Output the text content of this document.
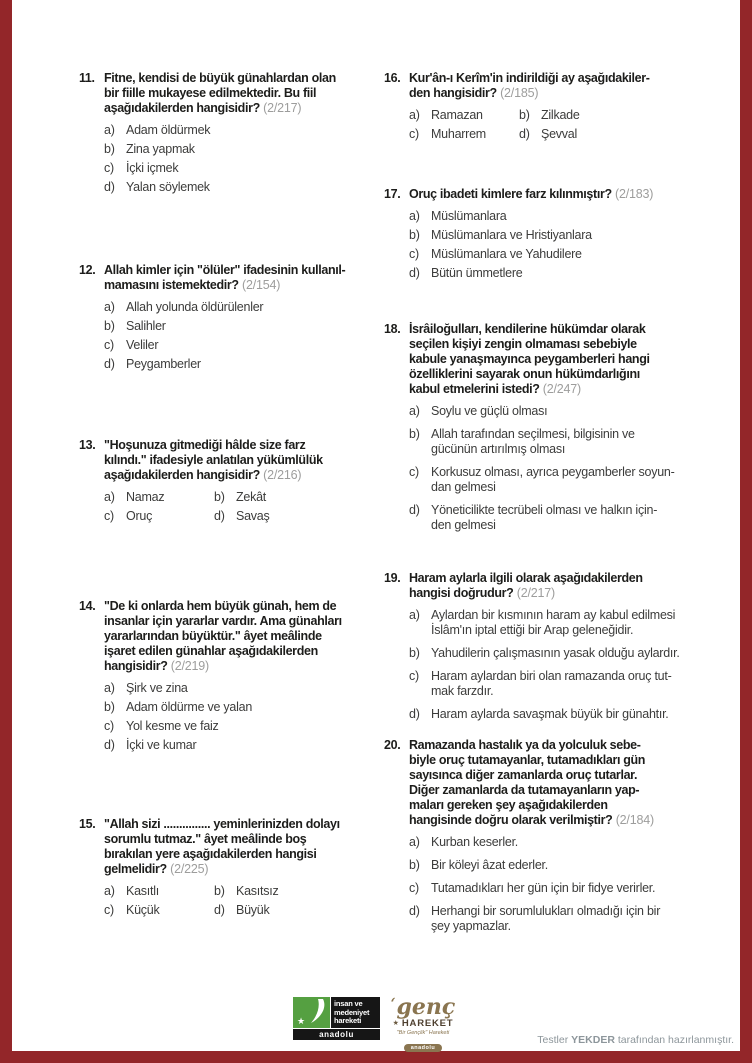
11. Fitne, kendisi de büyük günahlardan olan
bir fiille mukayese edilmektedir. Bu fiil
aşağıdakilerden hangisidir? (2/217)
a) Adam öldürmek
b) Zina yapmak
c) İçki içmek
d) Yalan söylemek
12. Allah kimler için "ölüler" ifadesinin kullanıl-
mamasını istemektedir? (2/154)
a) Allah yolunda öldürülenler
b) Salihler
c) Veliler
d) Peygamberler
13. "Hoşunuza gitmediği hâlde size farz
kılındı." ifadesiyle anlatılan yükümlülük
aşağıdakilerden hangisidir? (2/216)
a) Namaz	b) Zekât
c) Oruç	d) Savaş
14. "De ki onlarda hem büyük günah, hem de
insanlar için yararlar vardır. Ama günahları
yararlarından büyüktür." âyet meâlinde
işaret edilen günahlar aşağıdakilerden
hangisidir? (2/219)
a) Şirk ve zina
b) Adam öldürme ve yalan
c) Yol kesme ve faiz
d) İçki ve kumar
15. "Allah sizi ............... yeminlerinizden dolayı
sorumlu tutmaz." âyet meâlinde boş
bırakılan yere aşağıdakilerden hangisi
gelmelidir? (2/225)
a) Kasıtlı	b) Kasıtsız
c) Küçük	d) Büyük
16. Kur'ân-ı Kerîm'in indirildiği ay aşağıdakiler-
den hangisidir? (2/185)
a) Ramazan	b) Zilkade
c) Muharrem	d) Şevval
17. Oruç ibadeti kimlere farz kılınmıştır? (2/183)
a) Müslümanlara
b) Müslümanlara ve Hristiyanlara
c) Müslümanlara ve Yahudilere
d) Bütün ümmetlere
18. İsrâiloğulları, kendilerine hükümdar olarak
seçilen kişiyi zengin olmaması sebebiyle
kabule yanaşmayınca peygamberleri hangi
özelliklerini sayarak onun hükümdarlığını
kabul etmelerini istedi? (2/247)
a) Soylu ve güçlü olması
b) Allah tarafından seçilmesi, bilgisinin ve
gücünün artırılmış olması
c) Korkusuz olması, ayrıca peygamberler soyun-
dan gelmesi
d) Yöneticilikte tecrübeli olması ve halkın için-
den gelmesi
19. Haram aylarla ilgili olarak aşağıdakilerden
hangisi doğrudur? (2/217)
a) Aylardan bir kısmının haram ay kabul edilmesi
İslâm'ın iptal ettiği bir Arap geleneğidir.
b) Yahudilerin çalışmasının yasak olduğu aylardır.
c) Haram aylardan biri olan ramazanda oruç tut-
mak farzdır.
d) Haram aylarda savaşmak büyük bir günahtır.
20. Ramazanda hastalık ya da yolculuk sebe-
biyle oruç tutamayanlar, tutamadıkları gün
sayısınca diğer zamanlarda oruç tutarlar.
Diğer zamanlarda da tutamayanların yap-
maları gereken şey aşağıdakilerden
hangisinde doğru olarak verilmiştir? (2/184)
a) Kurban keserler.
b) Bir köleyi âzat ederler.
c) Tutamadıkları her gün için bir fidye verirler.
d) Herhangi bir sorumlulukları olmadığı için bir
şey yapmazlar.
★
insan ve
medeniyet
hareketi
anadolu
$^ʻ$genç
★ HAREKET
"Bir Gençlik" Hareketi
anadolu
Testler YEKDER tarafından hazırlanmıştır.
